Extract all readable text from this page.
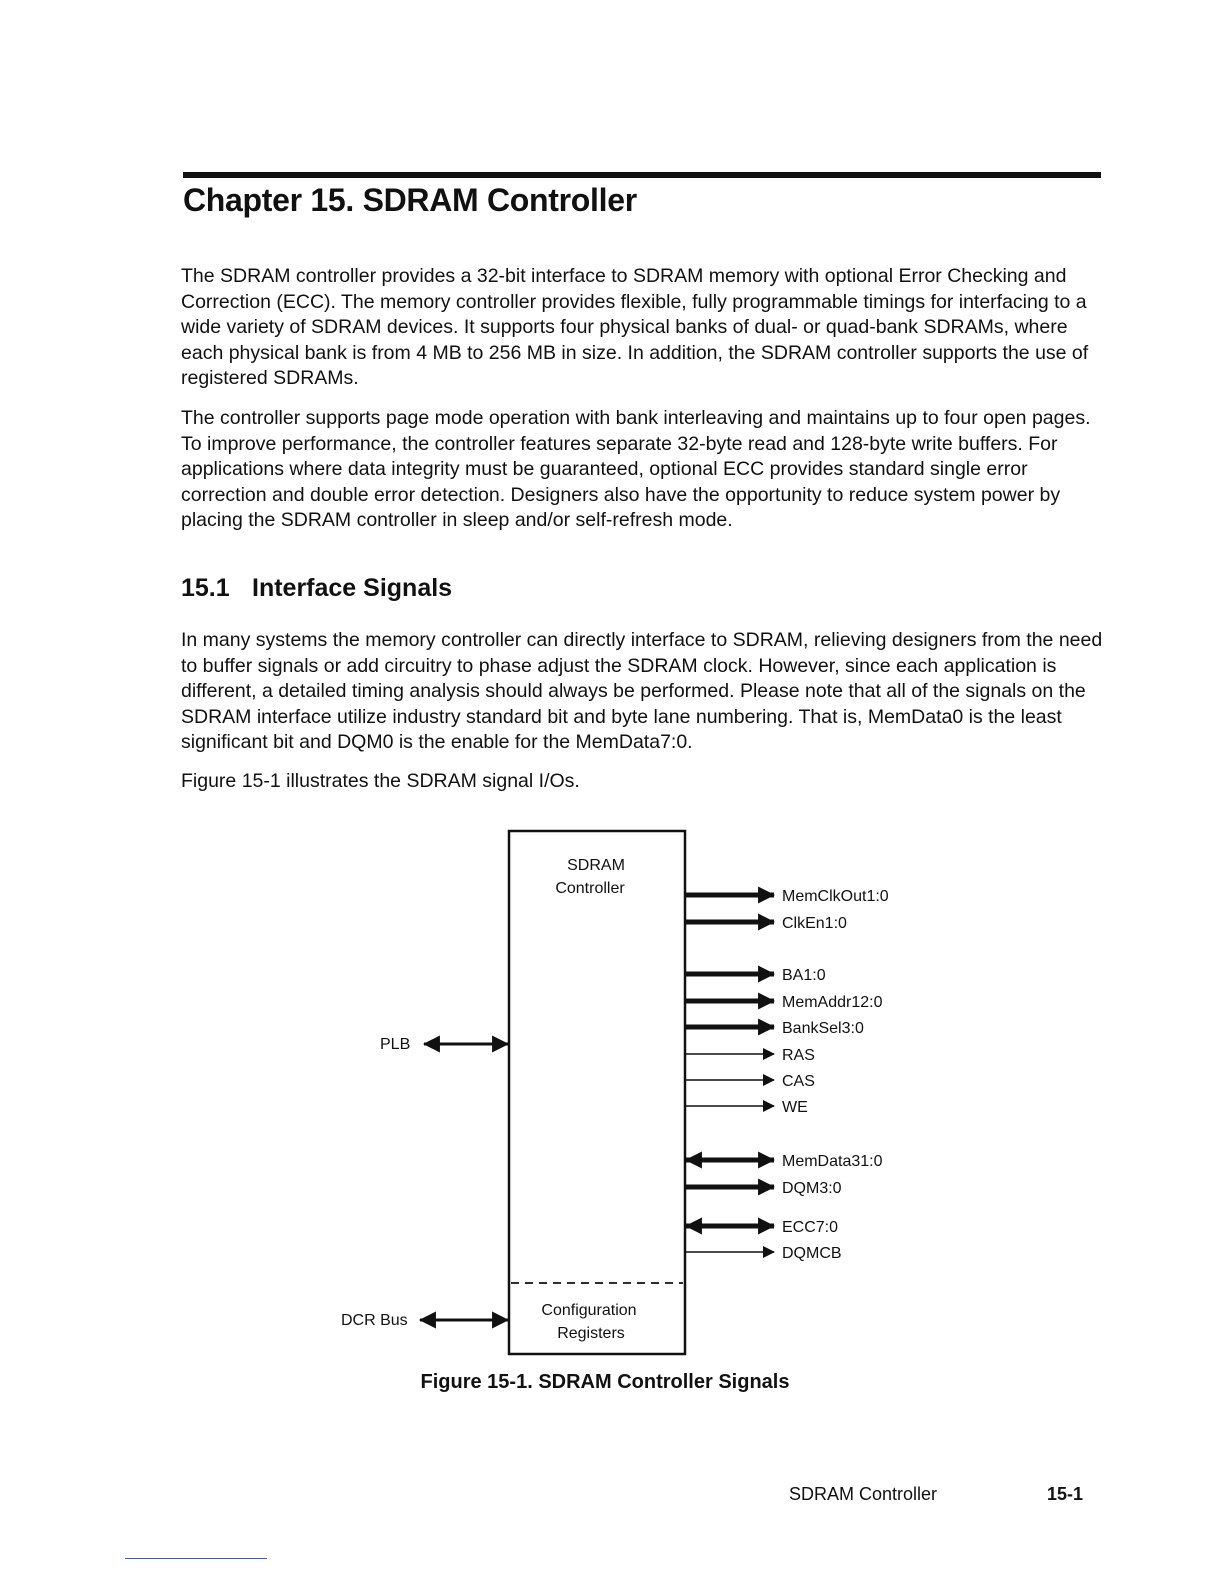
Chapter 15. SDRAM Controller

The SDRAM controller provides a 32-bit interface to SDRAM memory with optional Error Checking and Correction (ECC). The memory controller provides flexible, fully programmable timings for interfacing to a wide variety of SDRAM devices. It supports four physical banks of dual- or quad-bank SDRAMs, where each physical bank is from 4 MB to 256 MB in size. In addition, the SDRAM controller supports the use of registered SDRAMs.

The controller supports page mode operation with bank interleaving and maintains up to four open pages. To improve performance, the controller features separate 32-byte read and 128-byte write buffers. For applications where data integrity must be guaranteed, optional ECC provides standard single error correction and double error detection. Designers also have the opportunity to reduce system power by placing the SDRAM controller in sleep and/or self-refresh mode.

15.1 Interface Signals

In many systems the memory controller can directly interface to SDRAM, relieving designers from the need to buffer signals or add circuitry to phase adjust the SDRAM clock. However, since each application is different, a detailed timing analysis should always be performed. Please note that all of the signals on the SDRAM interface utilize industry standard bit and byte lane numbering. That is, MemData0 is the least significant bit and DQM0 is the enable for the MemData7:0.

Figure 15-1 illustrates the SDRAM signal I/Os.

SDRAM
Controller
Configuration
Registers
PLB
DCR Bus
MemClkOut1:0
ClkEn1:0
BA1:0
MemAddr12:0
BankSel3:0
RAS
CAS
WE
MemData31:0
DQM3:0
ECC7:0
DQMCB

Figure 15-1. SDRAM Controller Signals

SDRAM Controller	15-1
